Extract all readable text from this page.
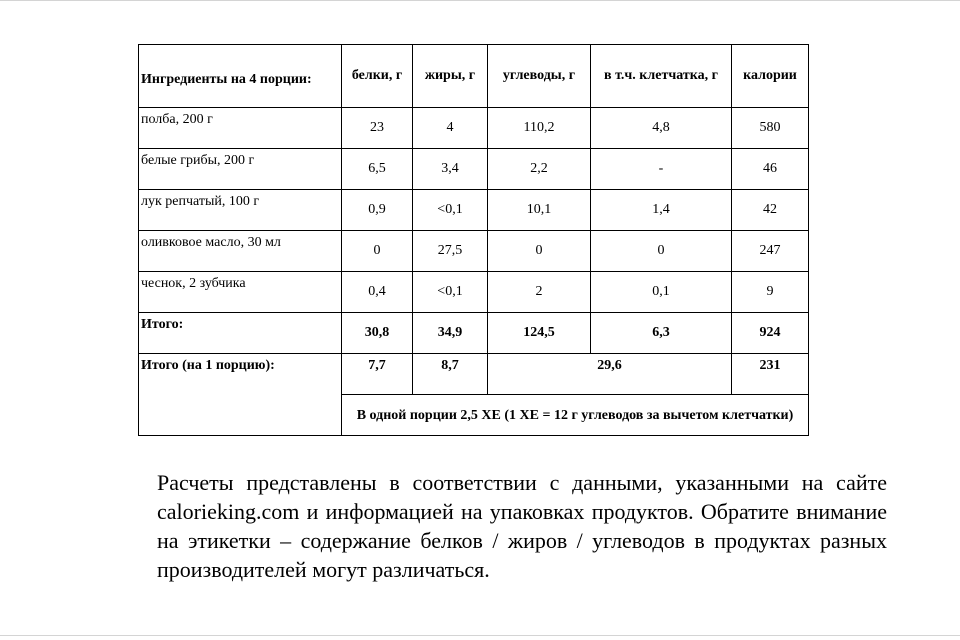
Ингредиенты на 4 порции:	белки, г	жиры, г	углеводы, г	в т.ч. клетчатка, г	калории
полба, 200 г	23	4	110,2	4,8	580
белые грибы, 200 г	6,5	3,4	2,2	-	46
лук репчатый, 100 г	0,9	<0,1	10,1	1,4	42
оливковое масло, 30 мл	0	27,5	0	0	247
чеснок, 2 зубчика	0,4	<0,1	2	0,1	9
Итого:	30,8	34,9	124,5	6,3	924
Итого (на 1 порцию):	7,7	8,7	29,6		231
	В одной порции 2,5 ХЕ (1 ХЕ = 12 г углеводов за вычетом клетчатки)				

Расчеты представлены в соответствии с данными, указанными на сайте calorieking.com и информацией на упаковках продуктов. Обратите внимание на этикетки – содержание белков / жиров / углеводов в продуктах разных производителей могут различаться.
